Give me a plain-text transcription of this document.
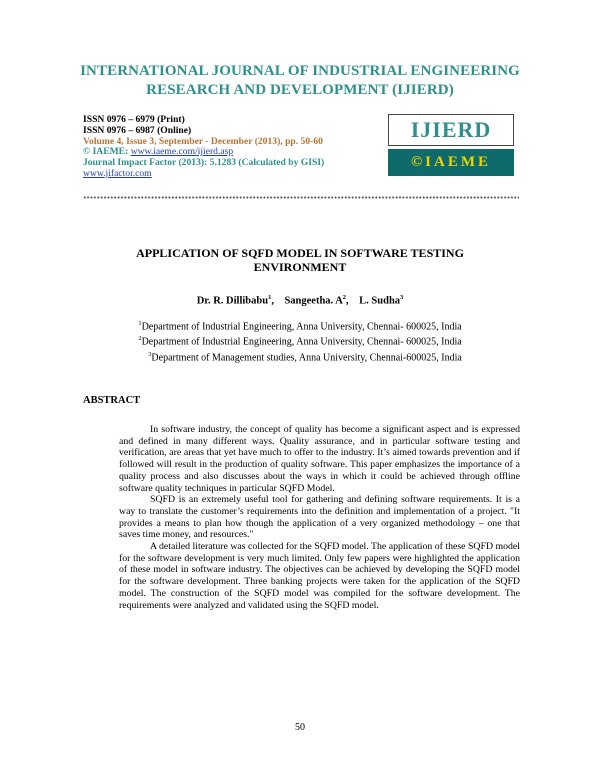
INTERNATIONAL JOURNAL OF INDUSTRIAL ENGINEERING
RESEARCH AND DEVELOPMENT (IJIERD)
ISSN 0976 – 6979 (Print)
ISSN 0976 – 6987 (Online)
Volume 4, Issue 3, September - December (2013), pp. 50-60
© IAEME: www.iaeme.com/ijierd.asp
Journal Impact Factor (2013): 5.1283 (Calculated by GISI)
www.jifactor.com
IJIERD
©IAEME
APPLICATION OF SQFD MODEL IN SOFTWARE TESTING
ENVIRONMENT
Dr. R. Dillibabu$^1$,    Sangeetha. $A^2$,    L. Sudha$^3$
$^1$Department of Industrial Engineering, Anna University, Chennai- 600025, India
$^2$Department of Industrial Engineering, Anna University, Chennai- 600025, India
$^3$Department of Management studies, Anna University, Chennai-600025, India
ABSTRACT

In software industry, the concept of quality has become a significant aspect and is expressed and defined in many different ways. Quality assurance, and in particular software testing and verification, are areas that yet have much to offer to the industry. It’s aimed towards prevention and if followed will result in the production of quality software. This paper emphasizes the importance of a quality process and also discusses about the ways in which it could be achieved through offline software quality techniques in particular SQFD Model.

SQFD is an extremely useful tool for gathering and defining software requirements. It is a way to translate the customer’s requirements into the definition and implementation of a project. "It provides a means to plan how though the application of a very organized methodology – one that saves time money, and resources."

A detailed literature was collected for the SQFD model. The application of these SQFD model for the software development is very much limited. Only few papers were highlighted the application of these model in software industry. The objectives can be achieved by developing the SQFD model for the software development. Three banking projects were taken for the application of the SQFD model. The construction of the SQFD model was compiled for the software development. The requirements were analyzed and validated using the SQFD model.

50
